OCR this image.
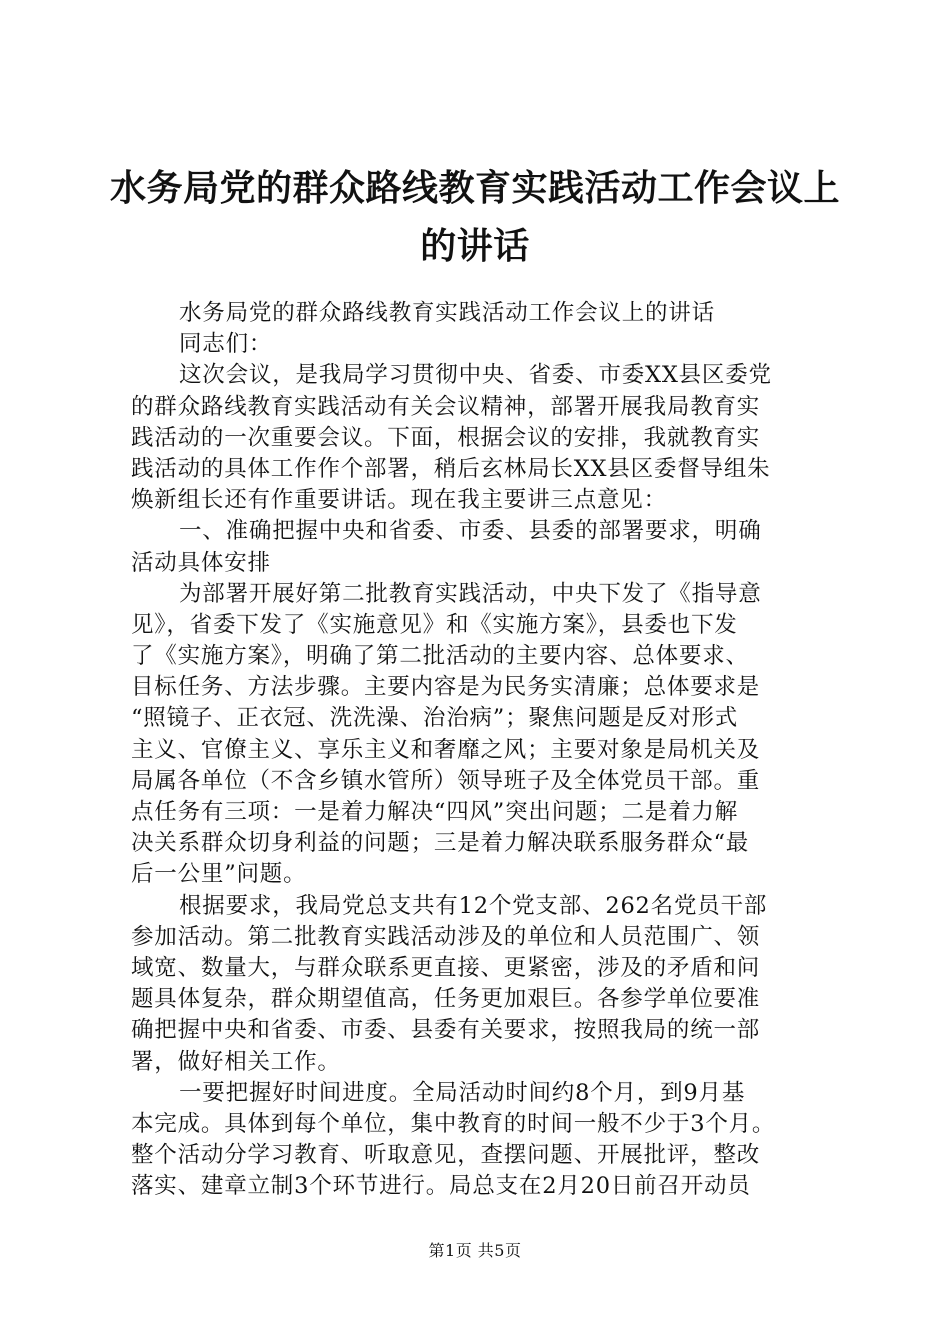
水务局党的群众路线教育实践活动工作会议上
的讲话
水务局党的群众路线教育实践活动工作会议上的讲话
同志们：
这次会议，是我局学习贯彻中央、省委、市委XX县区委党
的群众路线教育实践活动有关会议精神，部署开展我局教育实
践活动的一次重要会议。下面，根据会议的安排，我就教育实
践活动的具体工作作个部署，稍后玄林局长XX县区委督导组朱
焕新组长还有作重要讲话。现在我主要讲三点意见：
一、准确把握中央和省委、市委、县委的部署要求，明确
活动具体安排
为部署开展好第二批教育实践活动，中央下发了《指导意
见》，省委下发了《实施意见》和《实施方案》，县委也下发
了《实施方案》，明确了第二批活动的主要内容、总体要求、
目标任务、方法步骤。主要内容是为民务实清廉；总体要求是
“照镜子、正衣冠、洗洗澡、治治病”；聚焦问题是反对形式
主义、官僚主义、享乐主义和奢靡之风；主要对象是局机关及
局属各单位（不含乡镇水管所）领导班子及全体党员干部。重
点任务有三项：一是着力解决“四风”突出问题；二是着力解
决关系群众切身利益的问题；三是着力解决联系服务群众“最
后一公里”问题。
根据要求，我局党总支共有12个党支部、262名党员干部
参加活动。第二批教育实践活动涉及的单位和人员范围广、领
域宽、数量大，与群众联系更直接、更紧密，涉及的矛盾和问
题具体复杂，群众期望值高，任务更加艰巨。各参学单位要准
确把握中央和省委、市委、县委有关要求，按照我局的统一部
署，做好相关工作。
一要把握好时间进度。全局活动时间约8个月，到9月基
本完成。具体到每个单位，集中教育的时间一般不少于3个月。
整个活动分学习教育、听取意见，查摆问题、开展批评，整改
落实、建章立制3个环节进行。局总支在2月20日前召开动员
第1页 共5页
